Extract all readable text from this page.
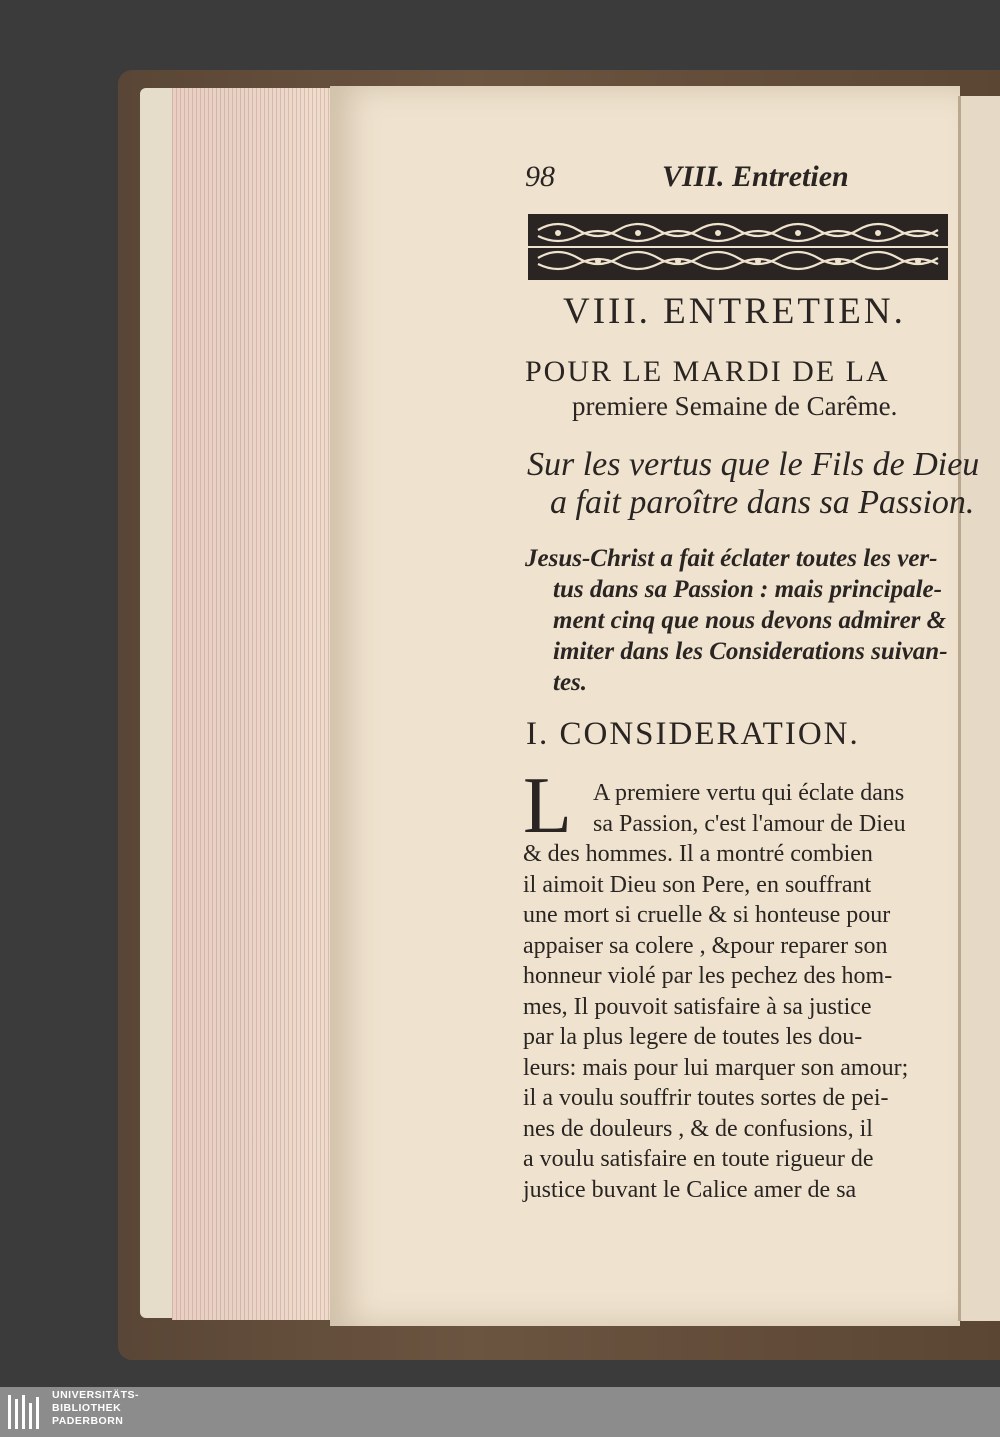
98	VIII. Entretien
VIII. ENTRETIEN.
POUR LE MARDI DE LA
premiere Semaine de Carême.
Sur les vertus que le Fils de Dieu
a fait paroître dans sa Passion.
Jesus-Christ a fait éclater toutes les ver-
tus dans sa Passion : mais principale-
ment cinq que nous devons admirer &
imiter dans les Considerations suivan-
tes.
I. CONSIDERATION.
L A premiere vertu qui éclate dans
sa Passion, c'est l'amour de Dieu
& des hommes. Il a montré combien
il aimoit Dieu son Pere, en souffrant
une mort si cruelle & si honteuse pour
appaiser sa colere , &pour reparer son
honneur violé par les pechez des hom-
mes, Il pouvoit satisfaire à sa justice
par la plus legere de toutes les dou-
leurs: mais pour lui marquer son amour;
il a voulu souffrir toutes sortes de pei-
nes de douleurs , & de confusions, il
a voulu satisfaire en toute rigueur de
justice buvant le Calice amer de sa
UNIVERSITÄTS-
BIBLIOTHEK
PADERBORN
